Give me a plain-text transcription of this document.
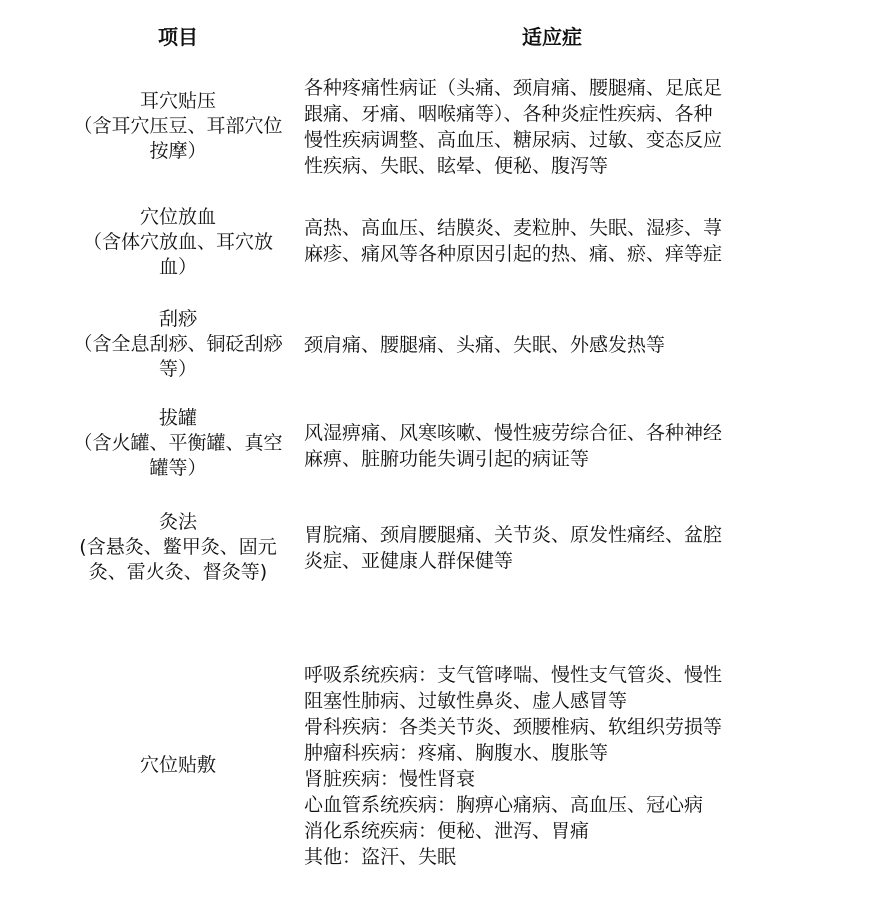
项目	适应症
耳穴贴压
（含耳穴压豆、耳部穴位
按摩）
各种疼痛性病证（头痛、颈肩痛、腰腿痛、足底足
跟痛、牙痛、咽喉痛等）、各种炎症性疾病、各种
慢性疾病调整、高血压、糖尿病、过敏、变态反应
性疾病、失眠、眩晕、便秘、腹泻等
穴位放血
（含体穴放血、耳穴放
血）
高热、高血压、结膜炎、麦粒肿、失眠、湿疹、荨
麻疹、痛风等各种原因引起的热、痛、瘀、痒等症
刮痧
（含全息刮痧、铜砭刮痧
等）
颈肩痛、腰腿痛、头痛、失眠、外感发热等
拔罐
（含火罐、平衡罐、真空
罐等）
风湿痹痛、风寒咳嗽、慢性疲劳综合征、各种神经
麻痹、脏腑功能失调引起的病证等
灸法
(含悬灸、鳖甲灸、固元
灸、雷火灸、督灸等)
胃脘痛、颈肩腰腿痛、关节炎、原发性痛经、盆腔
炎症、亚健康人群保健等
穴位贴敷
呼吸系统疾病：支气管哮喘、慢性支气管炎、慢性
阻塞性肺病、过敏性鼻炎、虚人感冒等
骨科疾病：各类关节炎、颈腰椎病、软组织劳损等
肿瘤科疾病：疼痛、胸腹水、腹胀等
肾脏疾病：慢性肾衰
心血管系统疾病：胸痹心痛病、高血压、冠心病
消化系统疾病：便秘、泄泻、胃痛
其他：盗汗、失眠
